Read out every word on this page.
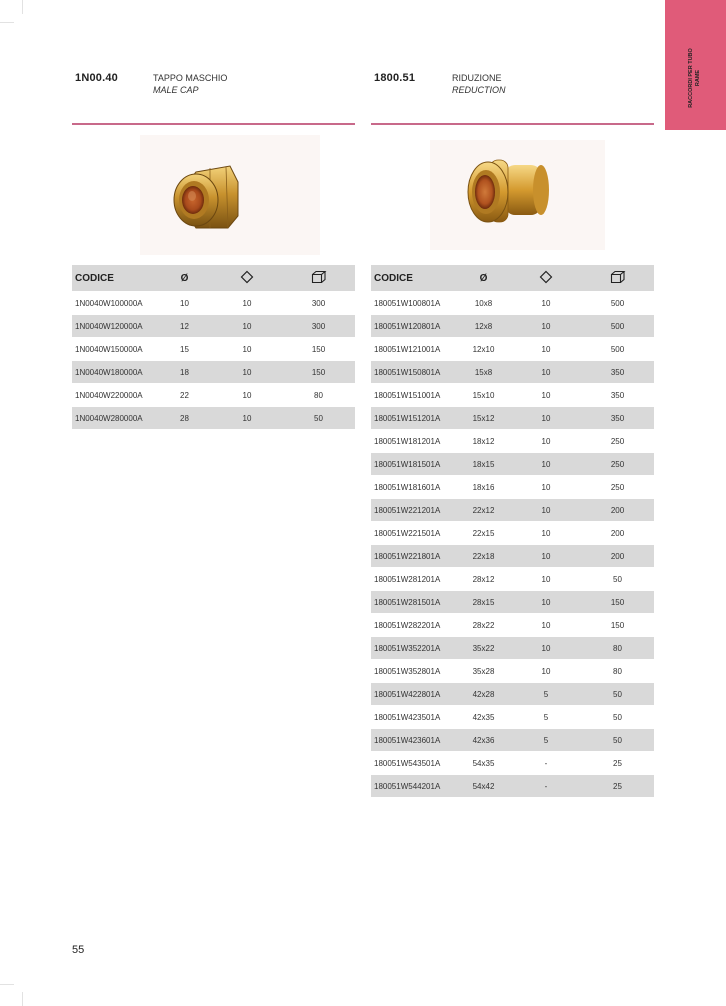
RACCORDI PER TUBO RAME
1N00.40	TAPPO MASCHIO
MALE CAP
1800.51	RIDUZIONE
REDUCTION
CODICE	Ø		
1N0040W100000A	10	10	300
1N0040W120000A	12	10	300
1N0040W150000A	15	10	150
1N0040W180000A	18	10	150
1N0040W220000A	22	10	80
1N0040W280000A	28	10	50
CODICE	Ø		
180051W100801A	10x8	10	500
180051W120801A	12x8	10	500
180051W121001A	12x10	10	500
180051W150801A	15x8	10	350
180051W151001A	15x10	10	350
180051W151201A	15x12	10	350
180051W181201A	18x12	10	250
180051W181501A	18x15	10	250
180051W181601A	18x16	10	250
180051W221201A	22x12	10	200
180051W221501A	22x15	10	200
180051W221801A	22x18	10	200
180051W281201A	28x12	10	50
180051W281501A	28x15	10	150
180051W282201A	28x22	10	150
180051W352201A	35x22	10	80
180051W352801A	35x28	10	80
180051W422801A	42x28	5	50
180051W423501A	42x35	5	50
180051W423601A	42x36	5	50
180051W543501A	54x35	-	25
180051W544201A	54x42	-	25
55
